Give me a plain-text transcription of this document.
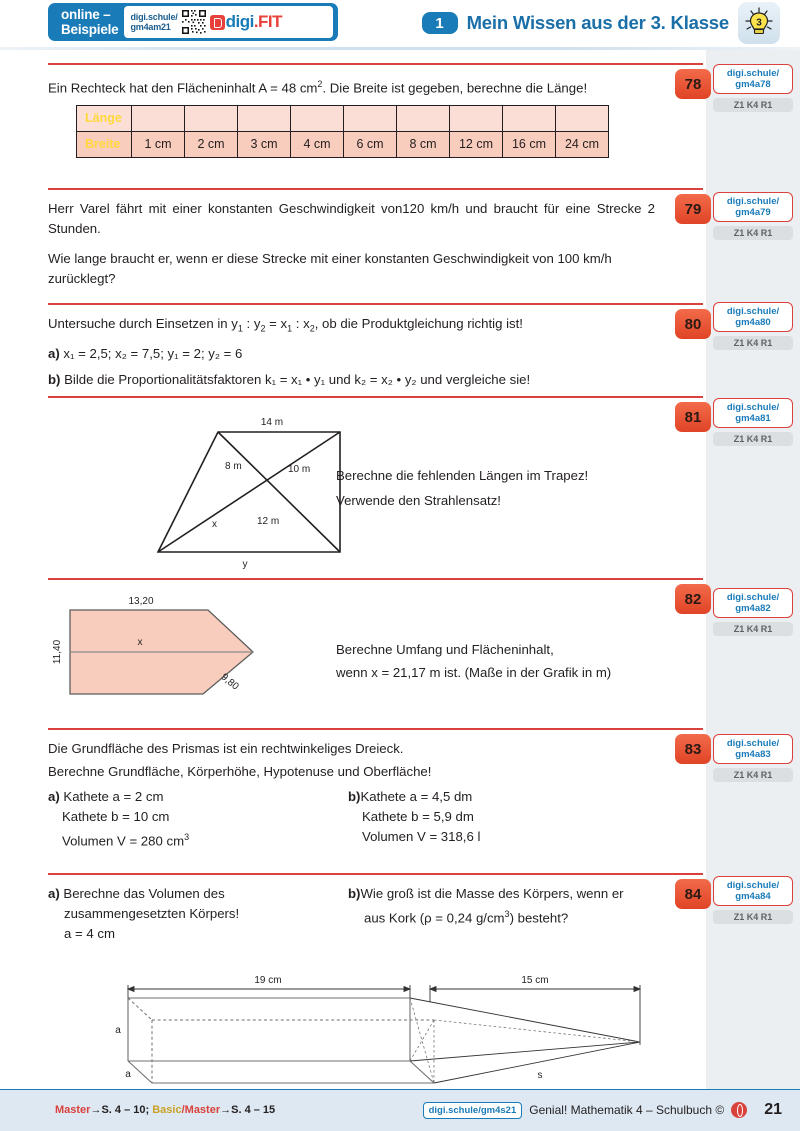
online –
Beispiele
digi.schule/
gm4am21	digi . FIT	1	Mein Wissen aus der 3. Klasse	3
digi.schule/
gm4a78
Z1 K4 R1
digi.schule/
gm4a79
Z1 K4 R1
digi.schule/
gm4a80
Z1 K4 R1
digi.schule/
gm4a81
Z1 K4 R1
digi.schule/
gm4a82
Z1 K4 R1
digi.schule/
gm4a83
Z1 K4 R1
digi.schule/
gm4a84
Z1 K4 R1
78
Ein Rechteck hat den Flächeninhalt A = 48 $cm^2$. Die Breite ist gegeben, berechne die Länge!
Länge									
Breite	1 cm	2 cm	3 cm	4 cm	6 cm	8 cm	12 cm	16 cm	24 cm
79
Herr Varel fährt mit einer konstanten Geschwindigkeit von120 km/h und braucht für eine Strecke 2 Stunden.
Wie lange braucht er, wenn er diese Strecke mit einer konstanten Geschwindigkeit von 100 km/h zurücklegt?
80
Untersuche durch Einsetzen in $y_1$ : $y_2 = x_1$ : $x_2$, ob die Produktgleichung richtig ist!
a) x₁ = 2,5; x₂ = 7,5; y₁ = 2; y₂ = 6
b) Bilde die Proportionalitätsfaktoren k₁ = x₁ • y₁ und k₂ = x₂ • y₂ und vergleiche sie!
81
14 m
8 m	10 m
x	12 m
y
Berechne die fehlenden Längen im Trapez!
Verwende den Strahlensatz!
82
13,20
x
11,40
9,80
Berechne Umfang und Flächeninhalt,
wenn x = 21,17 m ist. (Maße in der Grafik in m)
83
Die Grundfläche des Prismas ist ein rechtwinkeliges Dreieck.
Berechne Grundfläche, Körperhöhe, Hypotenuse und Oberfläche!
a) Kathete a = 2 cm
Kathete b = 10 cm
Volumen V = 280 $cm^3$
b)Kathete a = 4,5 dm
Kathete b = 5,9 dm
Volumen V = 318,6 l
84
a) Berechne das Volumen des
zusammengesetzten Körpers!
a = 4 cm
b)Wie groß ist die Masse des Körpers, wenn er
aus Kork (ρ = 0,24 $g/cm^3$) besteht?
19 cm	15 cm
a
a	s
Master→S. 4 – 10; Basic/Master→S. 4 – 15	digi.schule/gm4s21	Genial! Mathematik 4 – Schulbuch ©	21
